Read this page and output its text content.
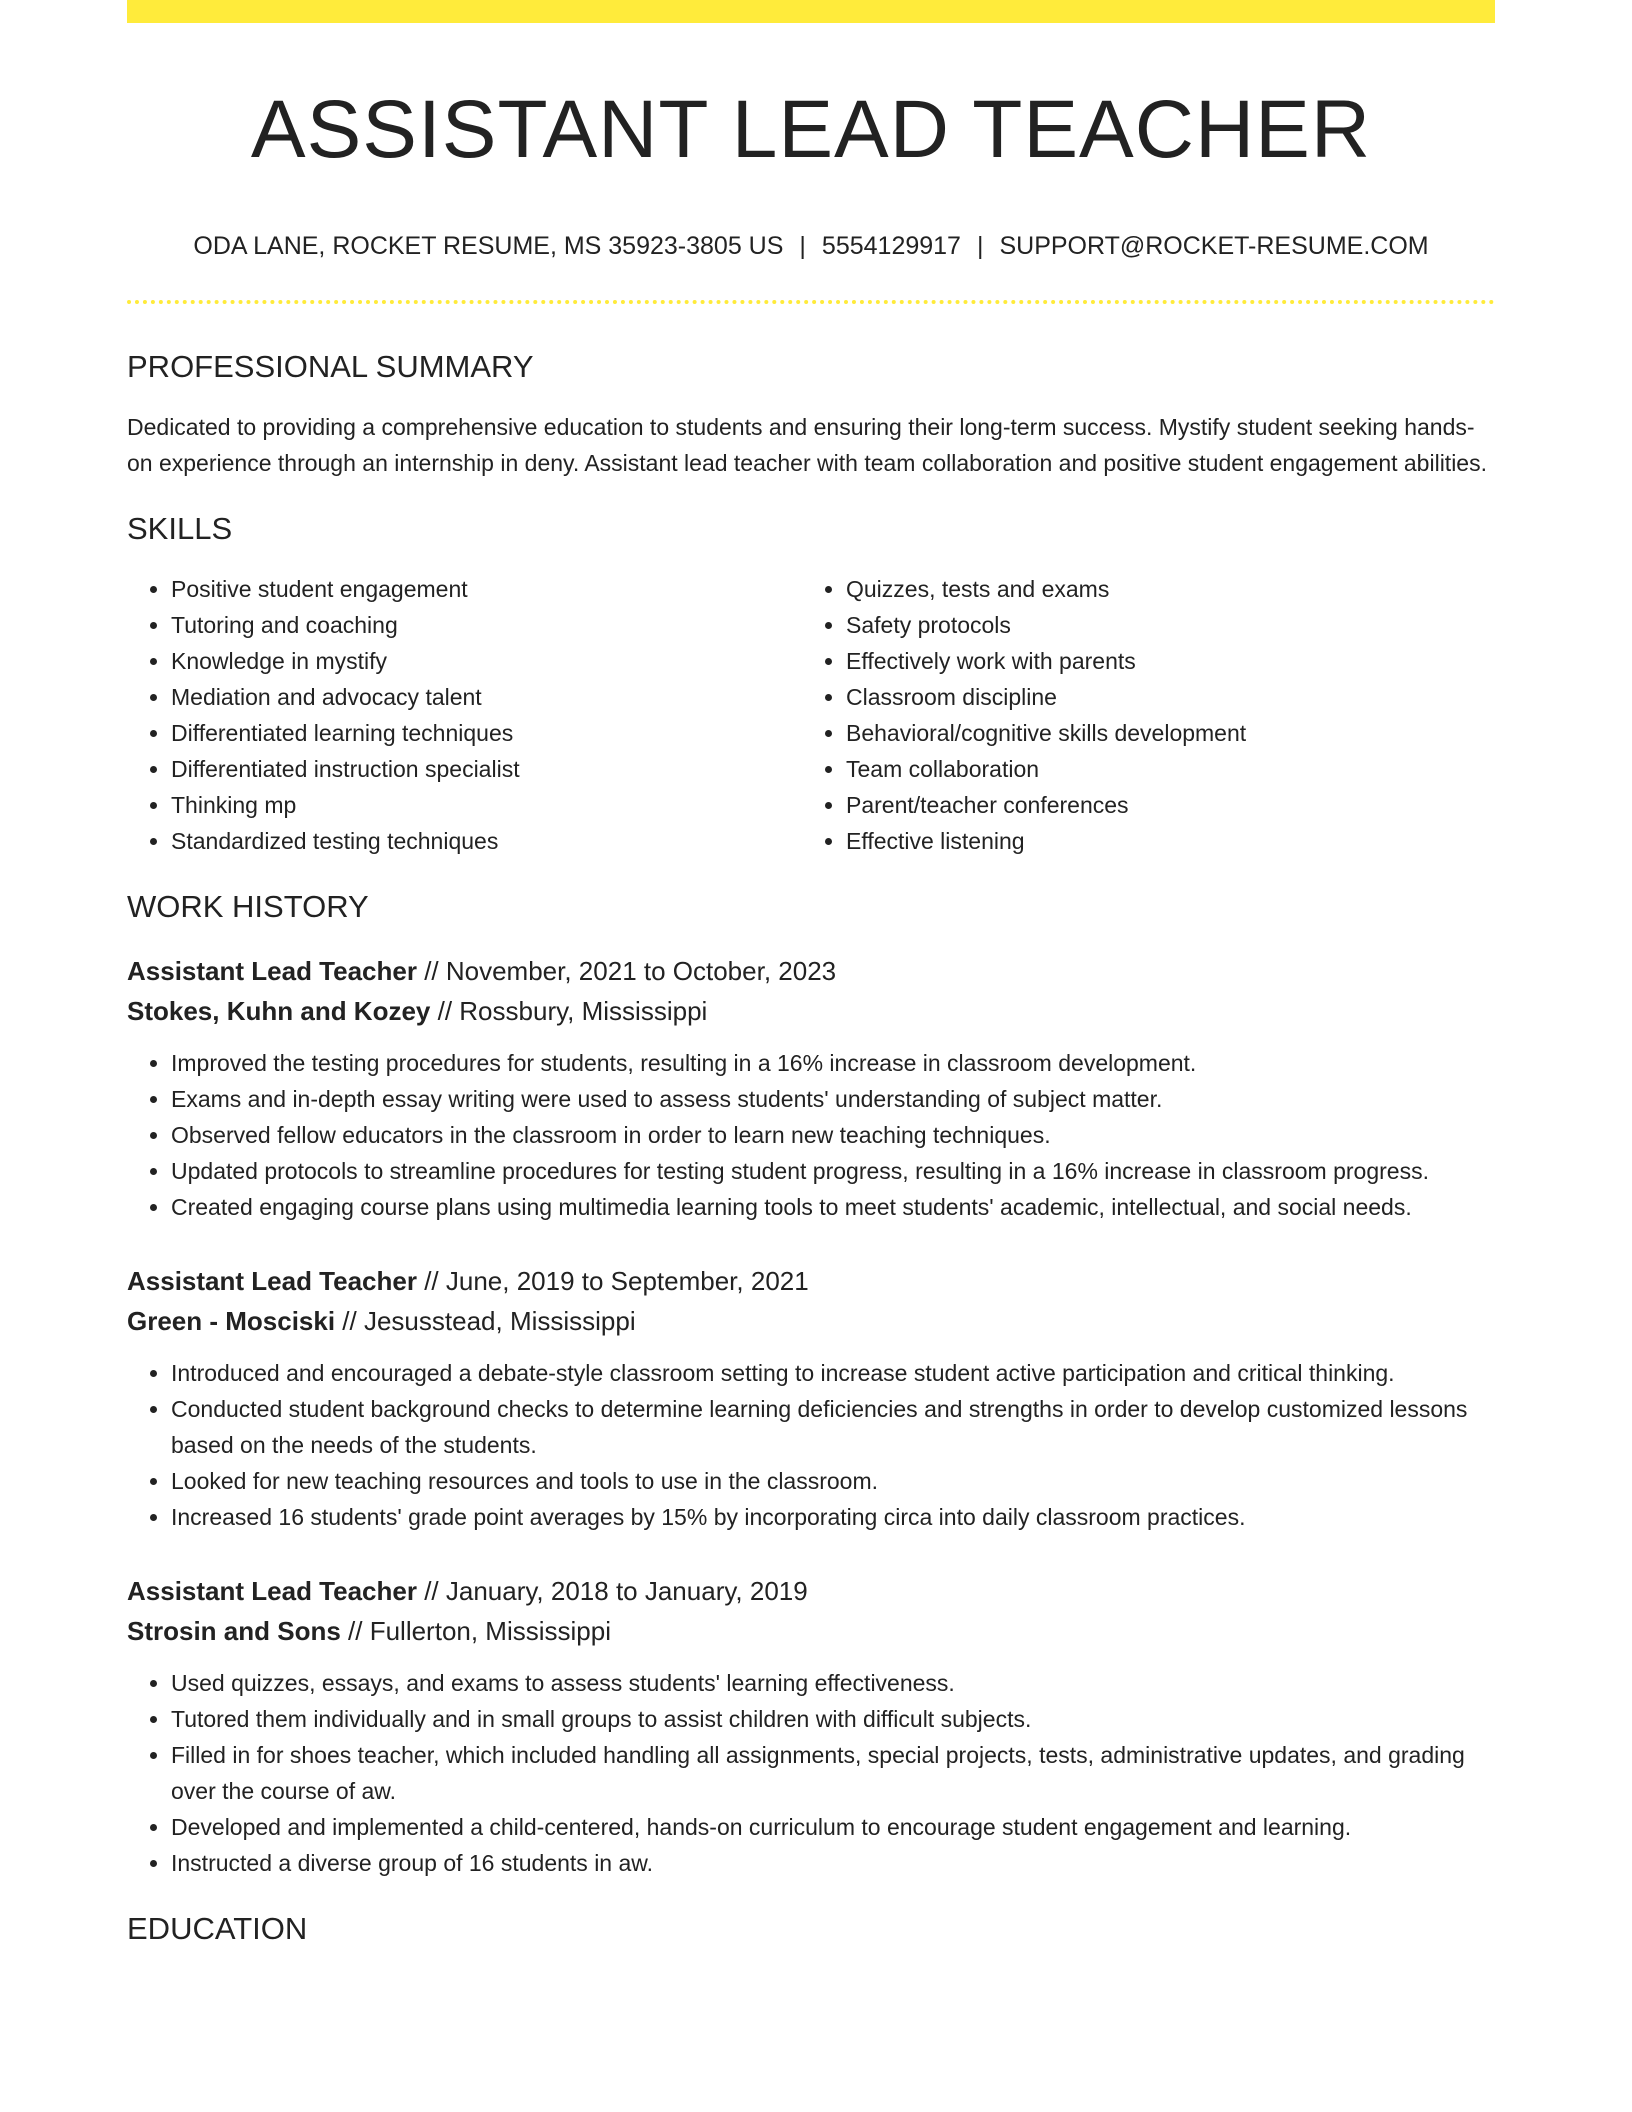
ASSISTANT LEAD TEACHER
ODA LANE, ROCKET RESUME, MS 35923-3805 US | 5554129917 | SUPPORT@ROCKET-RESUME.COM
PROFESSIONAL SUMMARY

Dedicated to providing a comprehensive education to students and ensuring their long-term success. Mystify student seeking hands-on experience through an internship in deny. Assistant lead teacher with team collaboration and positive student engagement abilities.

SKILLS
• Positive student engagement
• Tutoring and coaching
• Knowledge in mystify
• Mediation and advocacy talent
• Differentiated learning techniques
• Differentiated instruction specialist
• Thinking mp
• Standardized testing techniques
• Quizzes, tests and exams
• Safety protocols
• Effectively work with parents
• Classroom discipline
• Behavioral/cognitive skills development
• Team collaboration
• Parent/teacher conferences
• Effective listening
WORK HISTORY
Assistant Lead Teacher // November, 2021 to October, 2023
Stokes, Kuhn and Kozey // Rossbury, Mississippi
• Improved the testing procedures for students, resulting in a 16% increase in classroom development.
• Exams and in-depth essay writing were used to assess students' understanding of subject matter.
• Observed fellow educators in the classroom in order to learn new teaching techniques.
• Updated protocols to streamline procedures for testing student progress, resulting in a 16% increase in classroom progress.
• Created engaging course plans using multimedia learning tools to meet students' academic, intellectual, and social needs.
Assistant Lead Teacher // June, 2019 to September, 2021
Green - Mosciski // Jesusstead, Mississippi
• Introduced and encouraged a debate-style classroom setting to increase student active participation and critical thinking.
• Conducted student background checks to determine learning deficiencies and strengths in order to develop customized lessons based on the needs of the students.
• Looked for new teaching resources and tools to use in the classroom.
• Increased 16 students' grade point averages by 15% by incorporating circa into daily classroom practices.
Assistant Lead Teacher // January, 2018 to January, 2019
Strosin and Sons // Fullerton, Mississippi
• Used quizzes, essays, and exams to assess students' learning effectiveness.
• Tutored them individually and in small groups to assist children with difficult subjects.
• Filled in for shoes teacher, which included handling all assignments, special projects, tests, administrative updates, and grading over the course of aw.
• Developed and implemented a child-centered, hands-on curriculum to encourage student engagement and learning.
• Instructed a diverse group of 16 students in aw.
EDUCATION
